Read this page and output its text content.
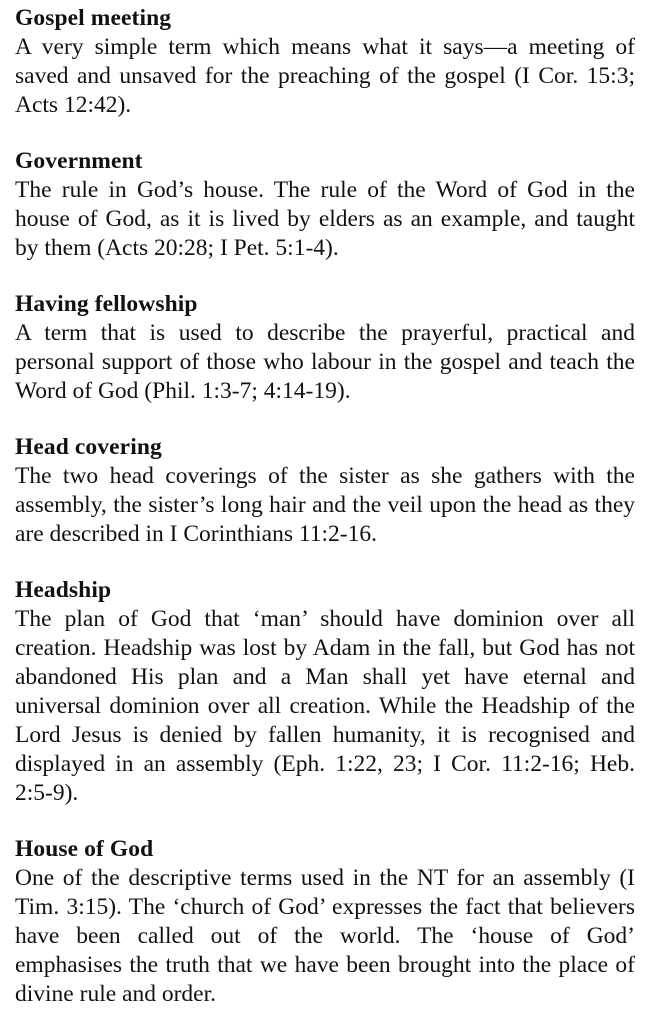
Gospel meeting
A very simple term which means what it says—a meeting of saved and unsaved for the preaching of the gospel (I Cor. 15:3; Acts 12:42).
Government
The rule in God’s house. The rule of the Word of God in the house of God, as it is lived by elders as an example, and taught by them (Acts 20:28; I Pet. 5:1-4).
Having fellowship
A term that is used to describe the prayerful, practical and personal support of those who labour in the gospel and teach the Word of God (Phil. 1:3-7; 4:14-19).
Head covering
The two head coverings of the sister as she gathers with the assembly, the sister’s long hair and the veil upon the head as they are described in I Corinthians 11:2-16.
Headship
The plan of God that ‘man’ should have dominion over all creation. Headship was lost by Adam in the fall, but God has not abandoned His plan and a Man shall yet have eternal and universal dominion over all creation. While the Headship of the Lord Jesus is denied by fallen humanity, it is recognised and displayed in an assembly (Eph. 1:22, 23; I Cor. 11:2-16; Heb. 2:5-9).
House of God
One of the descriptive terms used in the NT for an assembly (I Tim. 3:15). The ‘church of God’ expresses the fact that believers have been called out of the world. The ‘house of God’ emphasises the truth that we have been brought into the place of divine rule and order.
